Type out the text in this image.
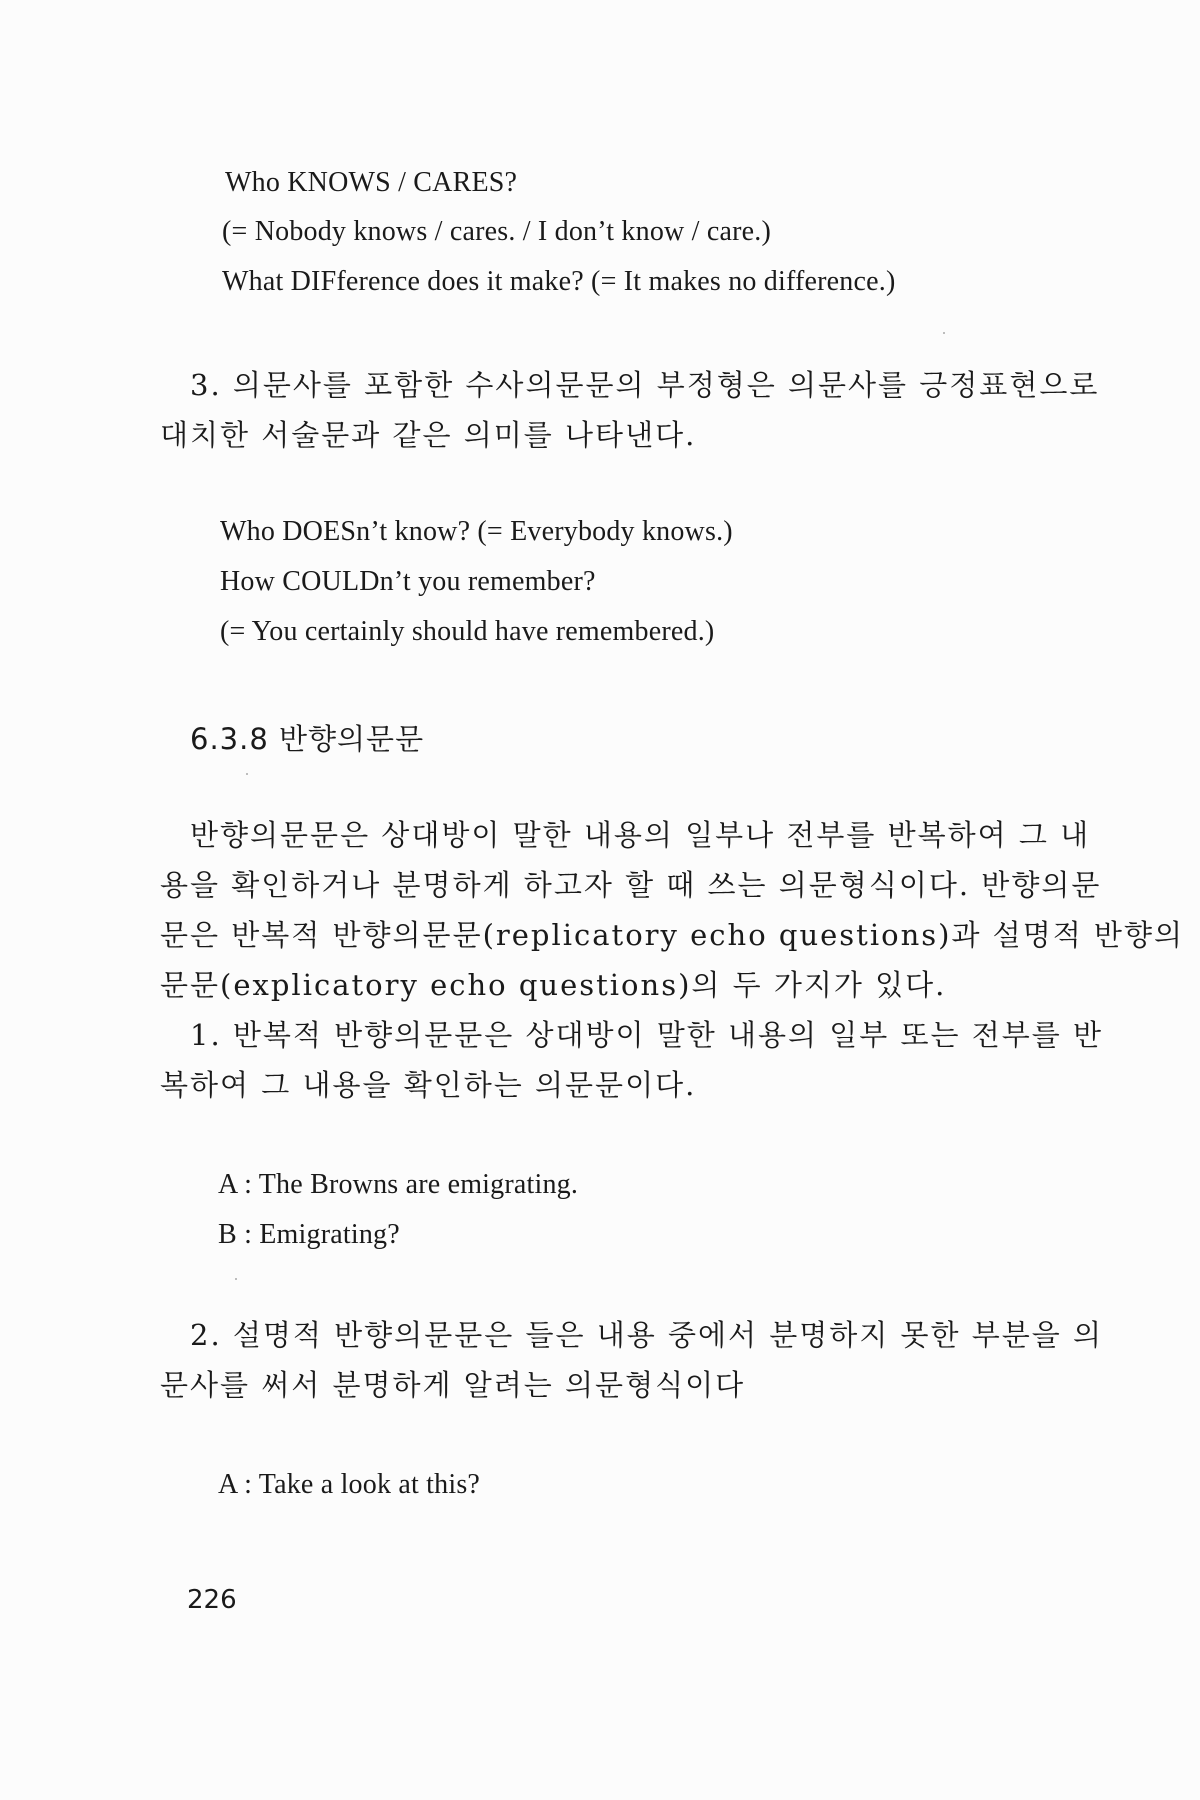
Who KNOWS / CARES?
(= Nobody knows / cares. / I don’t know / care.)
What DIFference does it make? (= It makes no difference.)
3. 의문사를 포함한 수사의문문의 부정형은 의문사를 긍정표현으로
대치한 서술문과 같은 의미를 나타낸다.
Who DOESn’t know? (= Everybody knows.)
How COULDn’t you remember?
(= You certainly should have remembered.)
6.3.8 반향의문문
반향의문문은 상대방이 말한 내용의 일부나 전부를 반복하여 그 내
용을 확인하거나 분명하게 하고자 할 때 쓰는 의문형식이다. 반향의문
문은 반복적 반향의문문(replicatory echo questions)과 설명적 반향의
문문(explicatory echo questions)의 두 가지가 있다.
1. 반복적 반향의문문은 상대방이 말한 내용의 일부 또는 전부를 반
복하여 그 내용을 확인하는 의문문이다.
A : The Browns are emigrating.
B : Emigrating?
2. 설명적 반향의문문은 들은 내용 중에서 분명하지 못한 부분을 의
문사를 써서 분명하게 알려는 의문형식이다
A : Take a look at this?
226
